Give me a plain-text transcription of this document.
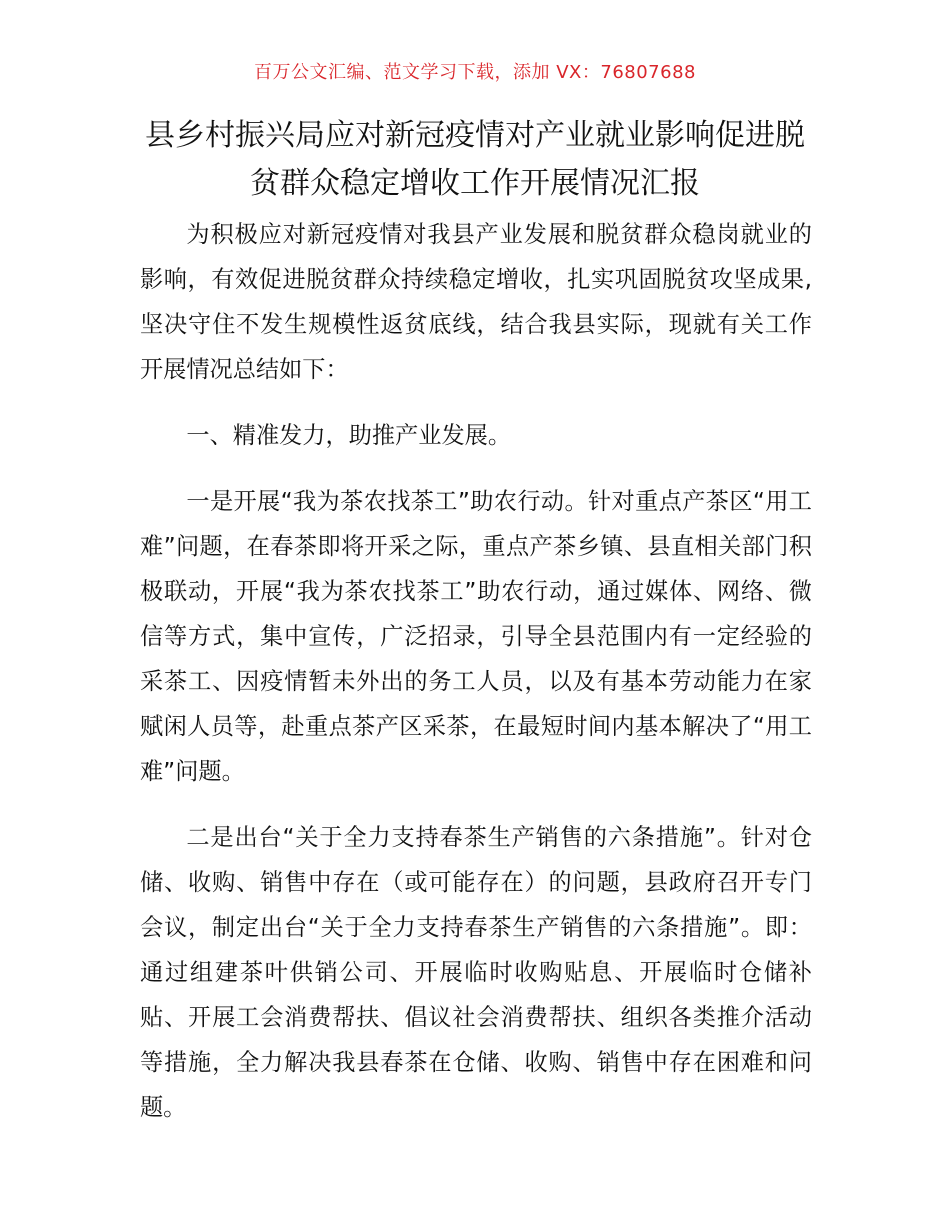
百万公文汇编、范文学习下载，添加 VX：76807688
县乡村振兴局应对新冠疫情对产业就业影响促进脱贫群众稳定增收工作开展情况汇报

为积极应对新冠疫情对我县产业发展和脱贫群众稳岗就业的影响，有效促进脱贫群众持续稳定增收，扎实巩固脱贫攻坚成果,坚决守住不发生规模性返贫底线，结合我县实际，现就有关工作开展情况总结如下：

一、精准发力，助推产业发展。

一是开展“我为茶农找茶工”助农行动。针对重点产茶区“用工难”问题，在春茶即将开采之际，重点产茶乡镇、县直相关部门积极联动，开展“我为茶农找茶工”助农行动，通过媒体、网络、微信等方式，集中宣传，广泛招录，引导全县范围内有一定经验的采茶工、因疫情暂未外出的务工人员，以及有基本劳动能力在家赋闲人员等，赴重点茶产区采茶，在最短时间内基本解决了“用工难”问题。

二是出台“关于全力支持春茶生产销售的六条措施”。针对仓储、收购、销售中存在（或可能存在）的问题，县政府召开专门会议，制定出台“关于全力支持春茶生产销售的六条措施”。即：通过组建茶叶供销公司、开展临时收购贴息、开展临时仓储补贴、开展工会消费帮扶、倡议社会消费帮扶、组织各类推介活动等措施，全力解决我县春茶在仓储、收购、销售中存在困难和问题。
